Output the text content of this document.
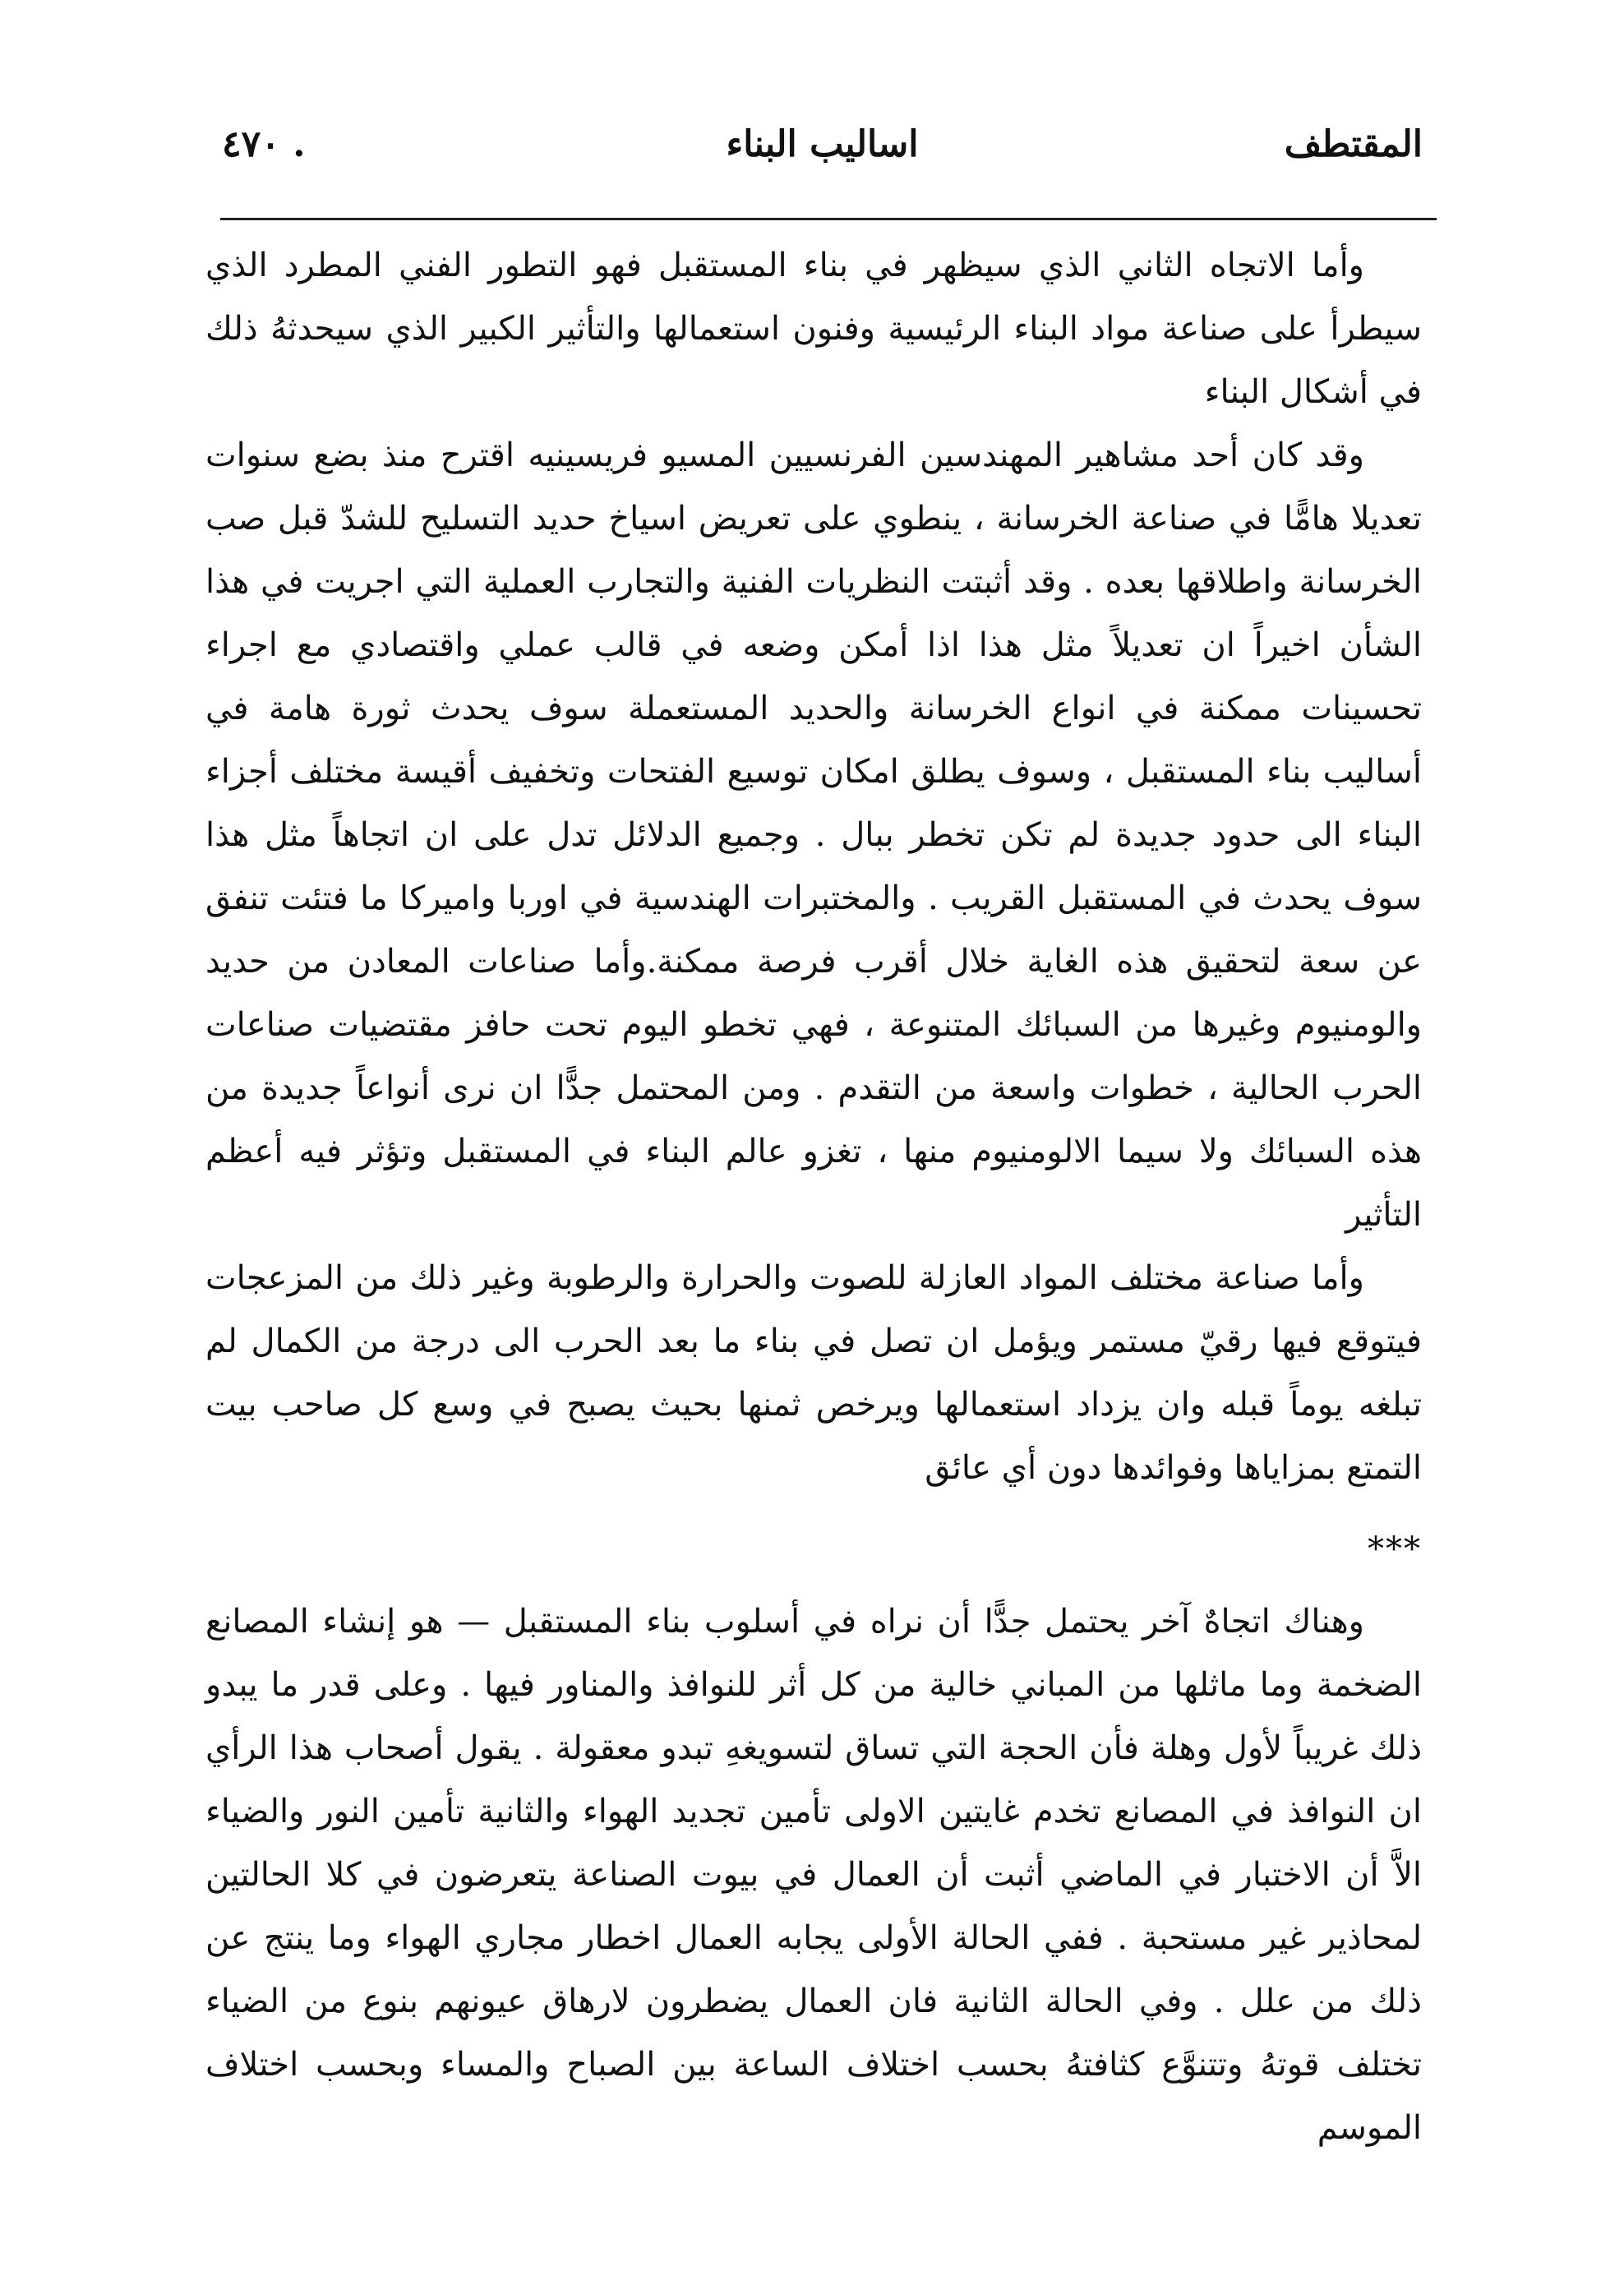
المقتطف
اساليب البناء
٤٧٠ .

وأما الاتجاه الثاني الذي سيظهر في بناء المستقبل فهو التطور الفني المطرد الذي سيطرأ على صناعة مواد البناء الرئيسية وفنون استعمالها والتأثير الكبير الذي سيحدثهُ ذلك في أشكال البناء

وقد كان أحد مشاهير المهندسين الفرنسيين المسيو فريسينيه اقترح منذ بضع سنوات تعديلا هامًّا في صناعة الخرسانة ، ينطوي على تعريض اسياخ حديد التسليح للشدّ قبل صب الخرسانة واطلاقها بعده . وقد أثبتت النظريات الفنية والتجارب العملية التي اجريت في هذا الشأن اخيراً ان تعديلاً مثل هذا اذا أمكن وضعه في قالب عملي واقتصادي مع اجراء تحسينات ممكنة في انواع الخرسانة والحديد المستعملة سوف يحدث ثورة هامة في أساليب بناء المستقبل ، وسوف يطلق امكان توسيع الفتحات وتخفيف أقيسة مختلف أجزاء البناء الى حدود جديدة لم تكن تخطر ببال . وجميع الدلائل تدل على ان اتجاهاً مثل هذا سوف يحدث في المستقبل القريب . والمختبرات الهندسية في اوربا واميركا ما فتئت تنفق عن سعة لتحقيق هذه الغاية خلال أقرب فرصة ممكنة.وأما صناعات المعادن من حديد والومنيوم وغيرها من السبائك المتنوعة ، فهي تخطو اليوم تحت حافز مقتضيات صناعات الحرب الحالية ، خطوات واسعة من التقدم . ومن المحتمل جدًّا ان نرى أنواعاً جديدة من هذه السبائك ولا سيما الالومنيوم منها ، تغزو عالم البناء في المستقبل وتؤثر فيه أعظم التأثير

وأما صناعة مختلف المواد العازلة للصوت والحرارة والرطوبة وغير ذلك من المزعجات فيتوقع فيها رقيّ مستمر ويؤمل ان تصل في بناء ما بعد الحرب الى درجة من الكمال لم تبلغه يوماً قبله وان يزداد استعمالها ويرخص ثمنها بحيث يصبح في وسع كل صاحب بيت التمتع بمزاياها وفوائدها دون أي عائق

***

وهناك اتجاهٌ آخر يحتمل جدًّا أن نراه في أسلوب بناء المستقبل — هو إنشاء المصانع الضخمة وما ماثلها من المباني خالية من كل أثر للنوافذ والمناور فيها . وعلى قدر ما يبدو ذلك غريباً لأول وهلة فأن الحجة التي تساق لتسويغهِ تبدو معقولة . يقول أصحاب هذا الرأي ان النوافذ في المصانع تخدم غايتين الاولى تأمين تجديد الهواء والثانية تأمين النور والضياء الاَّ أن الاختبار في الماضي أثبت أن العمال في بيوت الصناعة يتعرضون في كلا الحالتين لمحاذير غير مستحبة . ففي الحالة الأولى يجابه العمال اخطار مجاري الهواء وما ينتج عن ذلك من علل . وفي الحالة الثانية فان العمال يضطرون لارهاق عيونهم بنوع من الضياء تختلف قوتهُ وتتنوَّع كثافتهُ بحسب اختلاف الساعة بين الصباح والمساء وبحسب اختلاف الموسم
